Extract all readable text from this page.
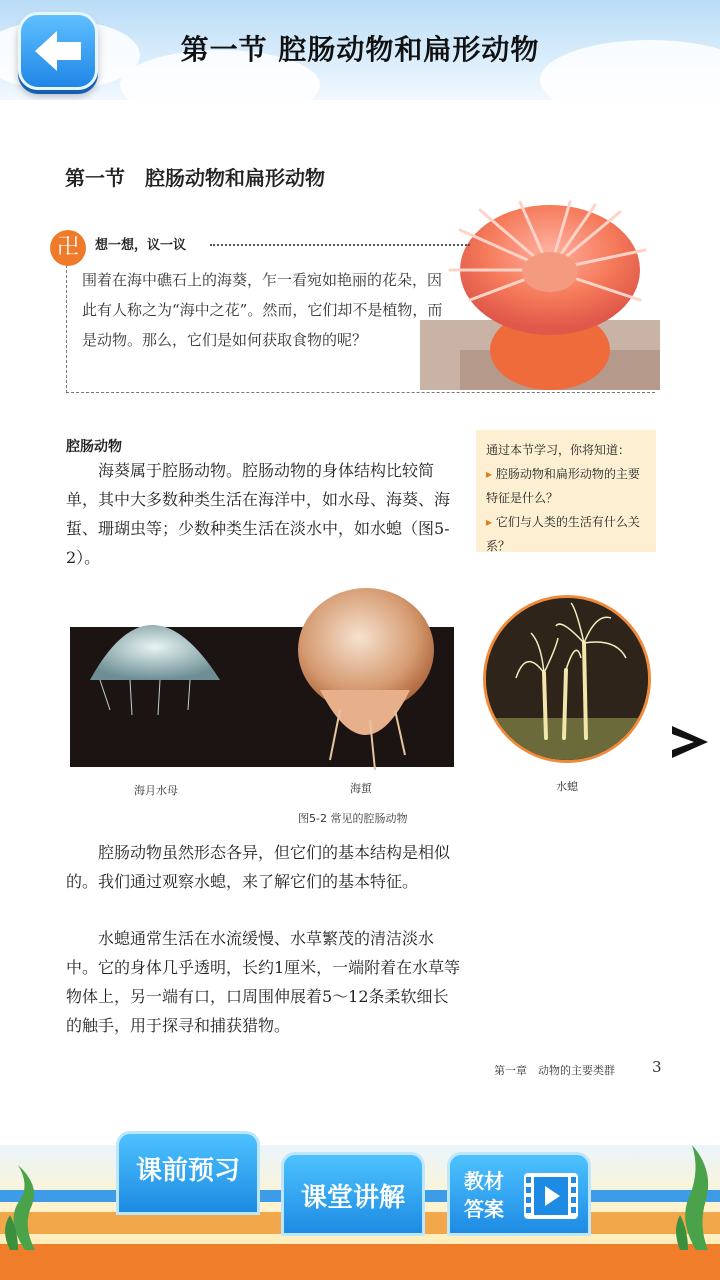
第一节 腔肠动物和扁形动物
第一节　腔肠动物和扁形动物
卍	想一想，议一议
围着在海中礁石上的海葵，乍一看宛如艳丽的花朵，因此有人称之为“海中之花”。然而，它们却不是植物，而是动物。那么，它们是如何获取食物的呢？
腔肠动物
海葵属于腔肠动物。腔肠动物的身体结构比较简单，其中大多数种类生活在海洋中，如水母、海葵、海蜇、珊瑚虫等；少数种类生活在淡水中，如水螅（图5-2）。
通过本节学习，你将知道：
▸ 腔肠动物和扁形动物的主要特征是什么？
▸ 它们与人类的生活有什么关系？
海月水母	海蜇	水螅
图5-2 常见的腔肠动物
腔肠动物虽然形态各异，但它们的基本结构是相似的。我们通过观察水螅，来了解它们的基本特征。
水螅通常生活在水流缓慢、水草繁茂的清洁淡水中。它的身体几乎透明，长约1厘米，一端附着在水草等物体上，另一端有口，口周围伸展着5～12条柔软细长的触手，用于探寻和捕获猎物。
第一章　动物的主要类群 3
课前预习
课堂讲解
教材
答案
